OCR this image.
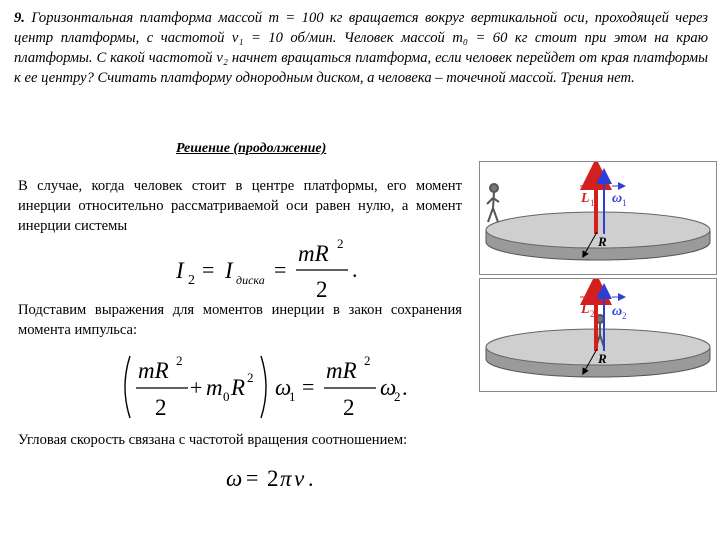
9. Горизонтальная платформа массой m = 100 кг вращается вокруг вертикальной оси, проходящей через центр платформы, с частотой ν₁ = 10 об/мин. Человек массой m₀ = 60 кг стоит при этом на краю платформы. С какой частотой ν₂ начнет вращаться платформа, если человек перейдет от края платформы к ее центру? Считать платформу однородным диском, а человека – точечной массой. Трения нет.
Решение (продолжение)
В случае, когда человек стоит в центре платформы, его момент инерции относительно рассматриваемой оси равен нулю, а момент инерции системы
Подставим выражения для моментов инерции в закон сохранения момента импульса:
Угловая скорость связана с частотой вращения соотношением:
I 2 = I диска =
mR 2
2
.
mR 2
2
+ m 0 R 2 ω
1 =
mR 2
2
ω
2 .
ω = 2 π ν .
L 1 ω 1
R
L 2 ω 2
R
